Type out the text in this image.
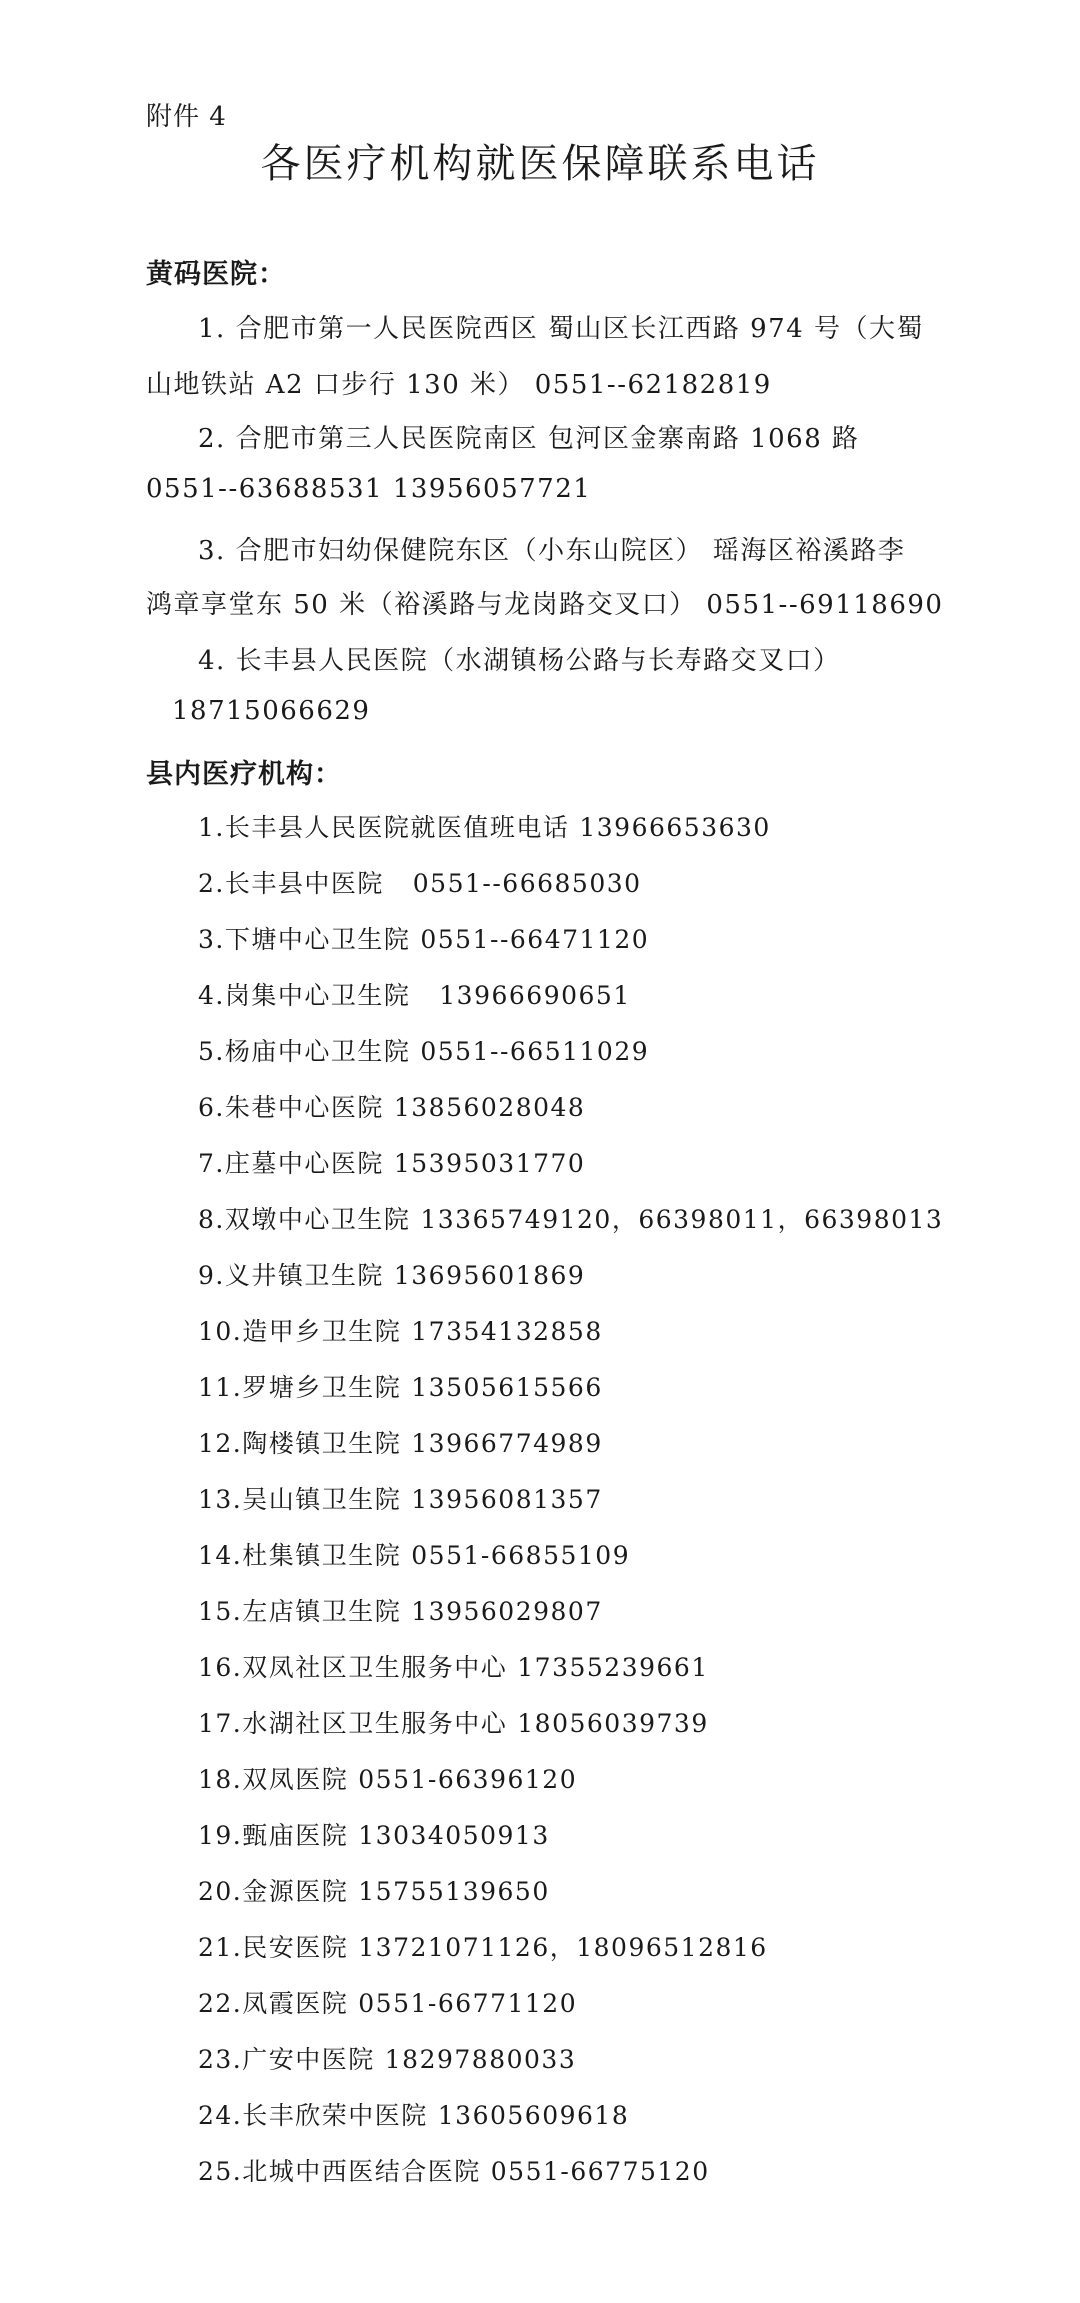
附件 4
各医疗机构就医保障联系电话
黄码医院：
1. 合肥市第一人民医院西区 蜀山区长江西路 974 号（大蜀
山地铁站 A2 口步行 130 米） 0551--62182819
2. 合肥市第三人民医院南区 包河区金寨南路 1068 路
0551--63688531 13956057721
3. 合肥市妇幼保健院东区（小东山院区） 瑶海区裕溪路李
鸿章享堂东 50 米（裕溪路与龙岗路交叉口） 0551--69118690
4. 长丰县人民医院（水湖镇杨公路与长寿路交叉口）
18715066629
县内医疗机构：
1.长丰县人民医院就医值班电话 13966653630
2.长丰县中医院  0551--66685030
3.下塘中心卫生院 0551--66471120
4.岗集中心卫生院  13966690651
5.杨庙中心卫生院 0551--66511029
6.朱巷中心医院 13856028048
7.庄墓中心医院 15395031770
8.双墩中心卫生院 13365749120，66398011，66398013
9.义井镇卫生院 13695601869
10.造甲乡卫生院 17354132858
11.罗塘乡卫生院 13505615566
12.陶楼镇卫生院 13966774989
13.吴山镇卫生院 13956081357
14.杜集镇卫生院 0551-66855109
15.左店镇卫生院 13956029807
16.双凤社区卫生服务中心 17355239661
17.水湖社区卫生服务中心 18056039739
18.双凤医院 0551-66396120
19.甄庙医院 13034050913
20.金源医院 15755139650
21.民安医院 13721071126，18096512816
22.凤霞医院 0551-66771120
23.广安中医院 18297880033
24.长丰欣荣中医院 13605609618
25.北城中西医结合医院 0551-66775120
